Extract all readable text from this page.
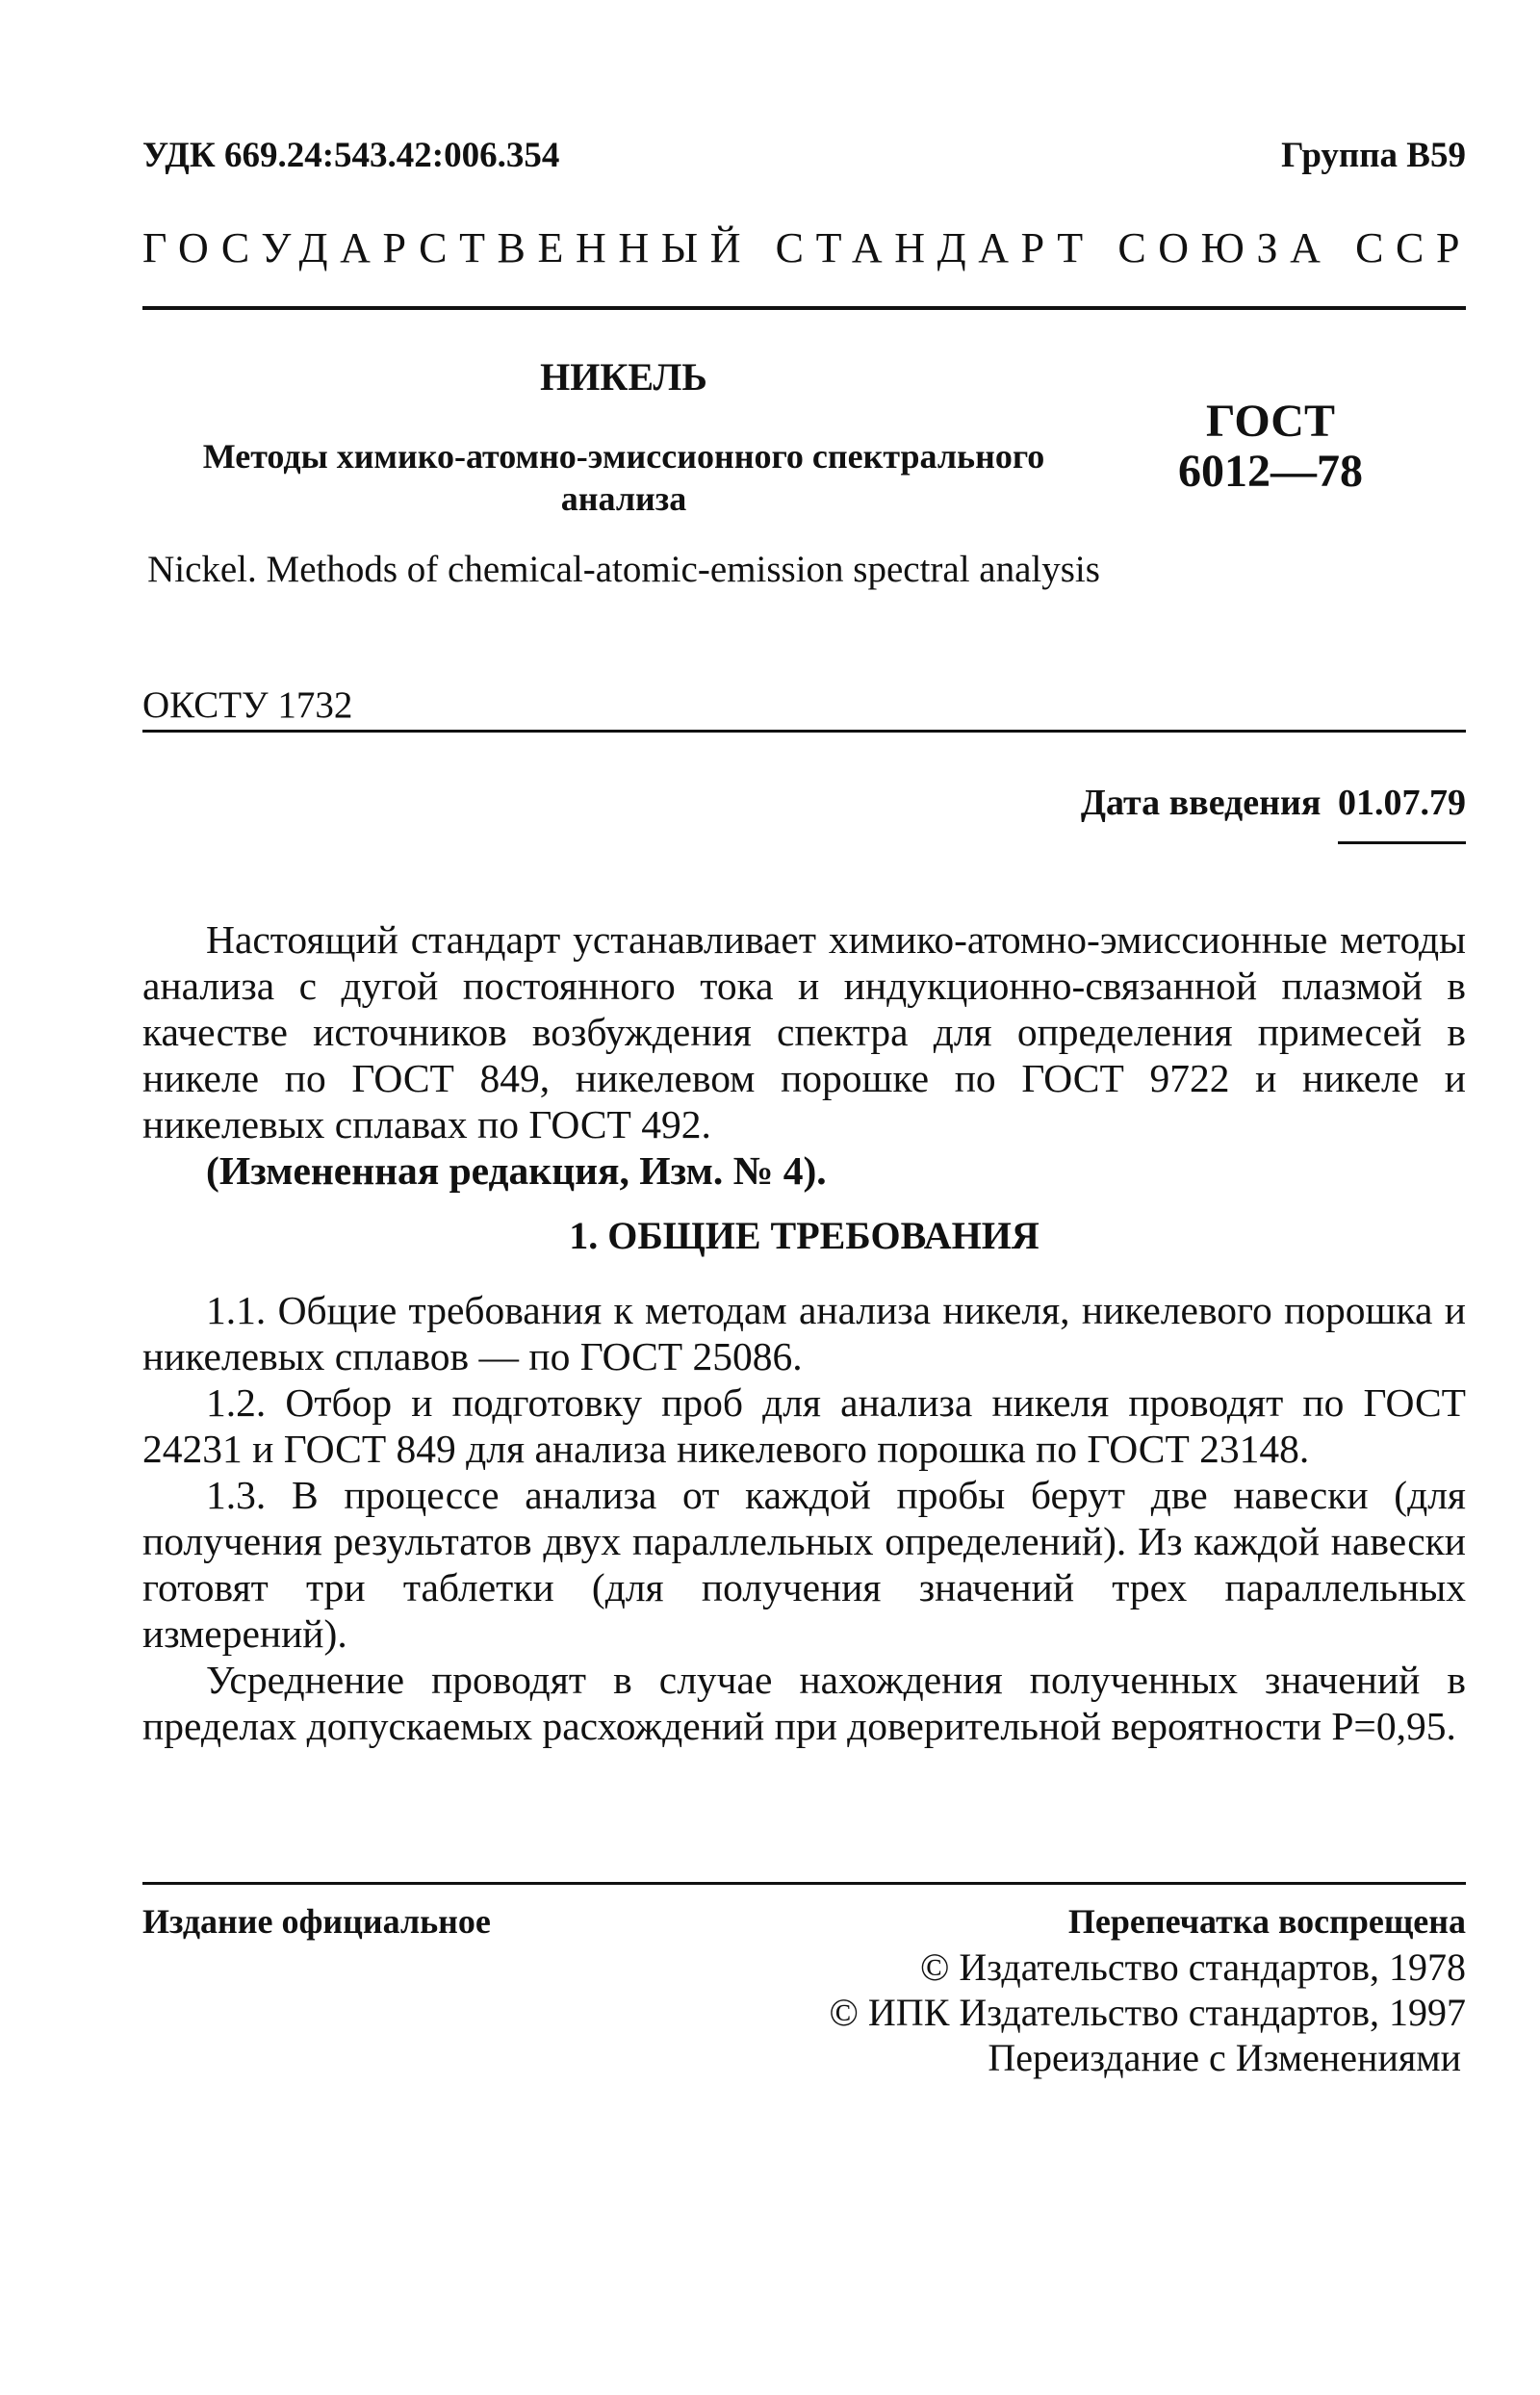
УДК 669.24:543.42:006.354	Группа В59
ГОСУДАРСТВЕННЫЙ СТАНДАРТ СОЮЗА ССР
НИКЕЛЬ
Методы химико-атомно-эмиссионного спектрального анализа
ГОСТ
6012—78
Nickel. Methods of chemical-atomic-emission spectral analysis
ОКСТУ 1732
Дата введения 01.07.79

Настоящий стандарт устанавливает химико-атомно-эмиссионные методы анализа с дугой постоянного тока и индукционно-связанной плазмой в качестве источников возбуждения спектра для определения примесей в никеле по ГОСТ 849, никелевом порошке по ГОСТ 9722 и никеле и никелевых сплавах по ГОСТ 492.

(Измененная редакция, Изм. № 4).

1. ОБЩИЕ ТРЕБОВАНИЯ

1.1. Общие требования к методам анализа никеля, никелевого порошка и никелевых сплавов — по ГОСТ 25086.

1.2. Отбор и подготовку проб для анализа никеля проводят по ГОСТ 24231 и ГОСТ 849 для анализа никелевого порошка по ГОСТ 23148.

1.3. В процессе анализа от каждой пробы берут две навески (для получения результатов двух параллельных определений). Из каждой навески готовят три таблетки (для получения значений трех параллельных измерений).

Усреднение проводят в случае нахождения полученных значений в пределах допускаемых расхождений при доверительной вероятности Р=0,95.

Издание официальное	Перепечатка воспрещена
© Издательство стандартов, 1978
© ИПК Издательство стандартов, 1997
Переиздание с Изменениями
